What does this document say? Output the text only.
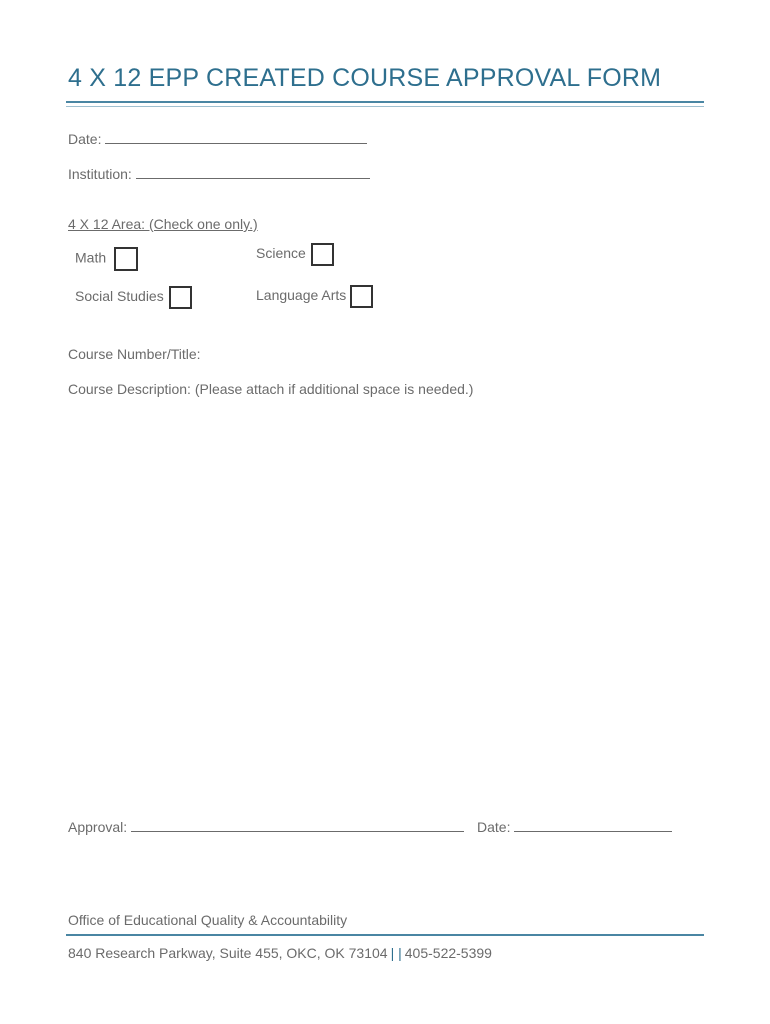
4 X 12 EPP CREATED COURSE APPROVAL FORM
Date:
Institution:
4 X 12 Area: (Check one only.)
Math	Science
Social Studies	Language Arts
Course Number/Title:
Course Description: (Please attach if additional space is needed.)
Approval:	Date:
Office of Educational Quality & Accountability
840 Research Parkway, Suite 455, OKC, OK 73104 | | 405-522-5399
